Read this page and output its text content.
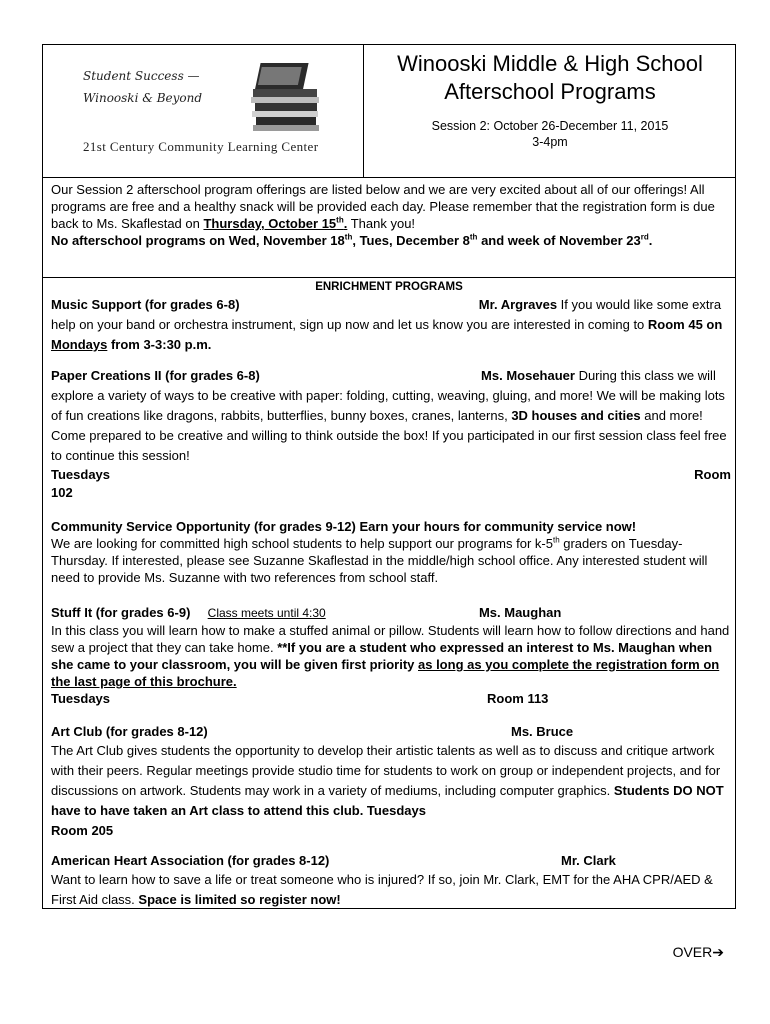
Student Success —
Winooski & Beyond
21st Century Community Learning Center
Winooski Middle & High School
Afterschool Programs
Session 2: October 26-December 11, 2015
3-4pm
Our Session 2 afterschool program offerings are listed below and we are very excited about all of our offerings! All programs are free and a healthy snack will be provided each day. Please remember that the registration form is due back to Ms. Skaflestad on Thursday, October 15th. Thank you!
No afterschool programs on Wed, November 18th, Tues, December 8th and week of November 23rd.
ENRICHMENT PROGRAMS
Music Support (for grades 6-8)	Mr. Argraves If you would like some extra help on your band or orchestra instrument, sign up now and let us know you are interested in coming to Room 45 on Mondays from 3-3:30 p.m.
Paper Creations II (for grades 6-8)	Ms. Mosehauer During this class we will explore a variety of ways to be creative with paper: folding, cutting, weaving, gluing, and more! We will be making lots of fun creations like dragons, rabbits, butterflies, bunny boxes, cranes, lanterns, 3D houses and cities and more! Come prepared to be creative and willing to think outside the box! If you participated in our first session class feel free to continue this session!
Tuesdays	Room
102
Community Service Opportunity (for grades 9-12) Earn your hours for community service now!
We are looking for committed high school students to help support our programs for k-5th graders on Tuesday-Thursday. If interested, please see Suzanne Skaflestad in the middle/high school office. Any interested student will need to provide Ms. Suzanne with two references from school staff.
Stuff It (for grades 6-9) Class meets until 4:30	Ms. Maughan
In this class you will learn how to make a stuffed animal or pillow. Students will learn how to follow directions and hand sew a project that they can take home. **If you are a student who expressed an interest to Ms. Maughan when she came to your classroom, you will be given first priority as long as you complete the registration form on the last page of this brochure.
Tuesdays	Room 113
Art Club (for grades 8-12)	Ms. Bruce
The Art Club gives students the opportunity to develop their artistic talents as well as to discuss and critique artwork with their peers. Regular meetings provide studio time for students to work on group or independent projects, and for discussions on artwork. Students may work in a variety of mediums, including computer graphics. Students DO NOT have to have taken an Art class to attend this club. Tuesdays
Room 205
American Heart Association (for grades 8-12)	Mr. Clark
Want to learn how to save a life or treat someone who is injured? If so, join Mr. Clark, EMT for the AHA CPR/AED & First Aid class. Space is limited so register now!
OVER➔
